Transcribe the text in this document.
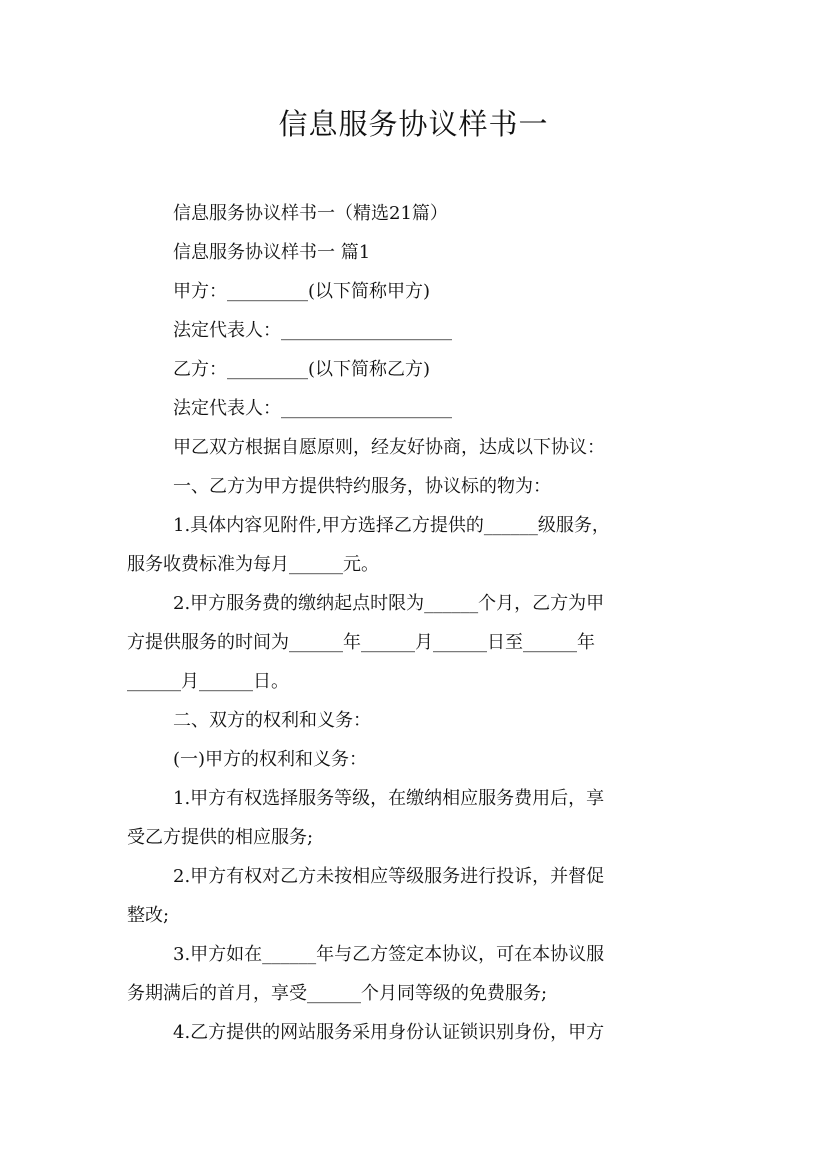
信息服务协议样书一

信息服务协议样书一（精选21篇）

信息服务协议样书一 篇1

甲方：_________(以下简称甲方)

法定代表人：___________________

乙方：_________(以下简称乙方)

法定代表人：___________________

甲乙双方根据自愿原则，经友好协商，达成以下协议：

一、乙方为甲方提供特约服务，协议标的物为：

1.具体内容见附件,甲方选择乙方提供的______级服务，

服务收费标准为每月______元。

2.甲方服务费的缴纳起点时限为______个月，乙方为甲

方提供服务的时间为______年______月______日至______年

______月______日。

二、双方的权利和义务：

(一)甲方的权利和义务：

1.甲方有权选择服务等级，在缴纳相应服务费用后，享

受乙方提供的相应服务;

2.甲方有权对乙方未按相应等级服务进行投诉，并督促

整改;

3.甲方如在______年与乙方签定本协议，可在本协议服

务期满后的首月，享受______个月同等级的免费服务;

4.乙方提供的网站服务采用身份认证锁识别身份，甲方
